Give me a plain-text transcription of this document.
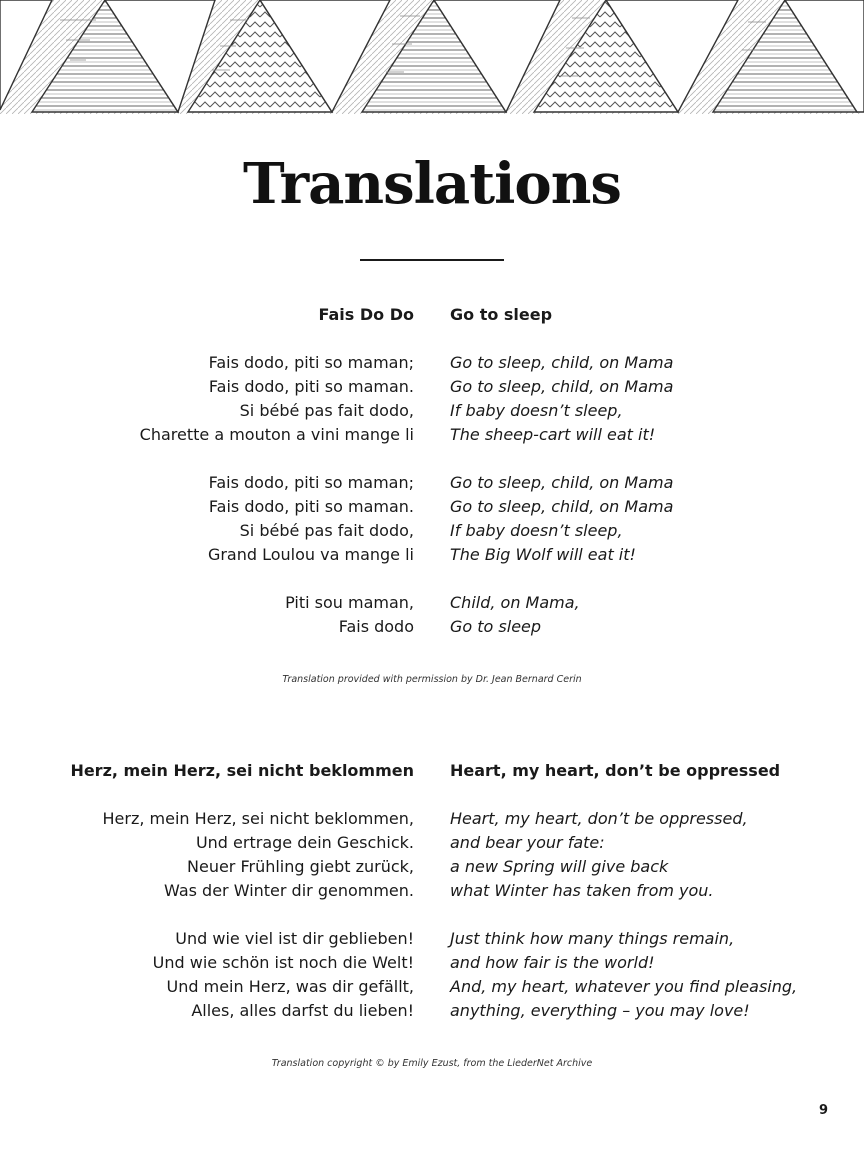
Translations
Fais Do Do
Fais dodo, piti so maman;
Fais dodo, piti so maman.
Si bébé pas fait dodo,
Charette a mouton a vini mange li
Fais dodo, piti so maman;
Fais dodo, piti so maman.
Si bébé pas fait dodo,
Grand Loulou va mange li
Piti sou maman,
Fais dodo
Go to sleep
Go to sleep, child, on Mama
Go to sleep, child, on Mama
If baby doesn’t sleep,
The sheep-cart will eat it!
Go to sleep, child, on Mama
Go to sleep, child, on Mama
If baby doesn’t sleep,
The Big Wolf will eat it!
Child, on Mama,
Go to sleep
Translation provided with permission by Dr. Jean Bernard Cerin
Herz, mein Herz, sei nicht beklommen
Herz, mein Herz, sei nicht beklommen,
Und ertrage dein Geschick.
Neuer Frühling giebt zurück,
Was der Winter dir genommen.
Und wie viel ist dir geblieben!
Und wie schön ist noch die Welt!
Und mein Herz, was dir gefällt,
Alles, alles darfst du lieben!
Heart, my heart, don’t be oppressed
Heart, my heart, don’t be oppressed,
and bear your fate:
a new Spring will give back
what Winter has taken from you.
Just think how many things remain,
and how fair is the world!
And, my heart, whatever you find pleasing,
anything, everything – you may love!
Translation copyright © by Emily Ezust, from the LiederNet Archive
9
